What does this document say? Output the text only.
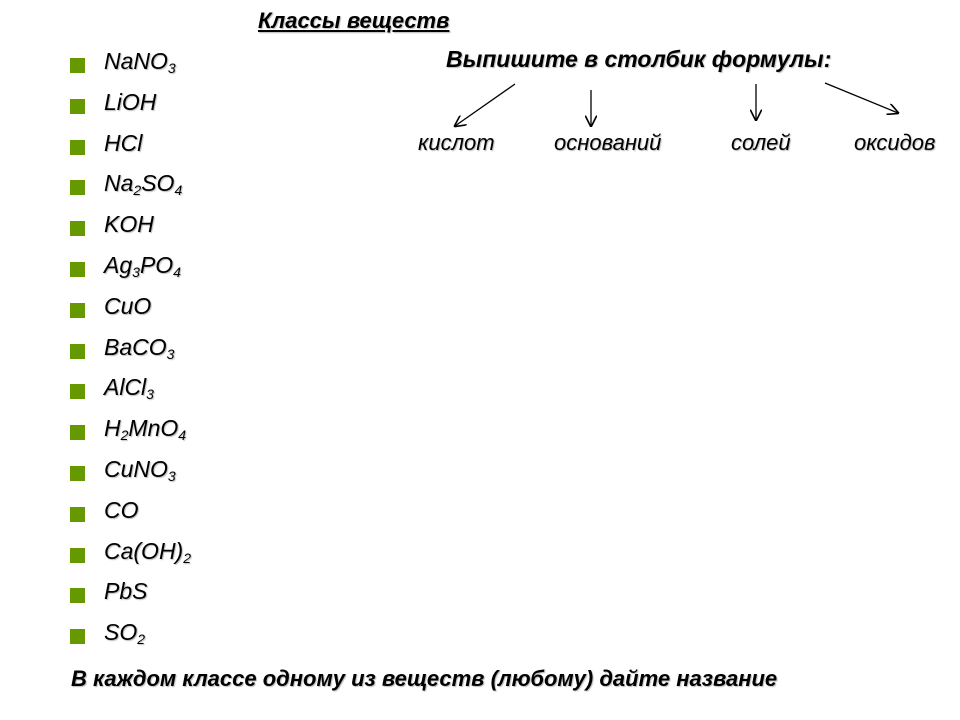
Классы веществ
Выпишите в столбик формулы:
кислот	оснований	солей	оксидов
NaNO$_3$
LiOH
HCl
$Na_2SO_4$
KOH
$Ag_3PO_4$
CuO
BaCO$_3$
AlCl$_3$
$H_2MnO_4$
CuNO$_3$
CO
$Ca(OH)_2$
PbS
$SO_2$
В каждом классе одному из веществ (любому) дайте название
